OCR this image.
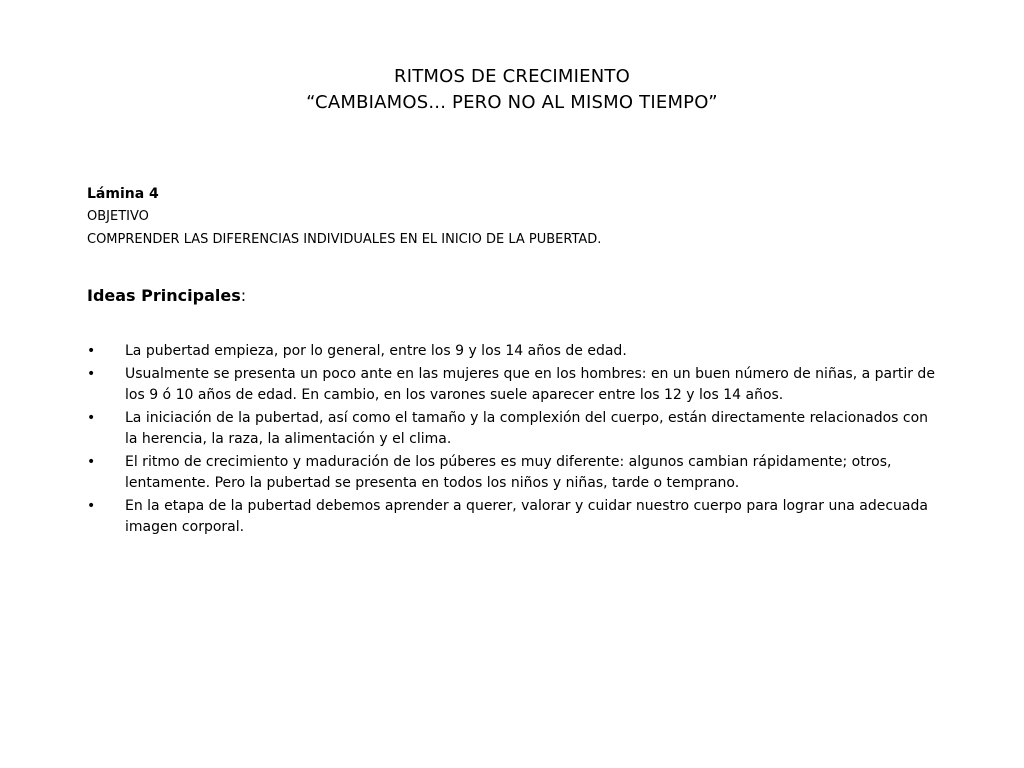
RITMOS DE CRECIMIENTO
“CAMBIAMOS... PERO NO AL MISMO TIEMPO”
Lámina 4
OBJETIVO
COMPRENDER LAS DIFERENCIAS INDIVIDUALES EN EL INICIO DE LA PUBERTAD.
Ideas Principales:
•	La pubertad empieza, por lo general, entre los 9 y los 14 años de edad.
•	Usualmente se presenta un poco ante en las mujeres que en los hombres: en un buen número de niñas, a partir de los 9 ó 10 años de edad. En cambio, en los varones suele aparecer entre los 12 y los 14 años.
•	La iniciación de la pubertad, así como el tamaño y la complexión del cuerpo, están directamente relacionados con la herencia, la raza, la alimentación y el clima.
•	El ritmo de crecimiento y maduración de los púberes es muy diferente: algunos cambian rápidamente; otros, lentamente. Pero la pubertad se presenta en todos los niños y niñas, tarde o temprano.
•	En la etapa de la pubertad debemos aprender a querer, valorar y cuidar nuestro cuerpo para lograr una adecuada imagen corporal.
